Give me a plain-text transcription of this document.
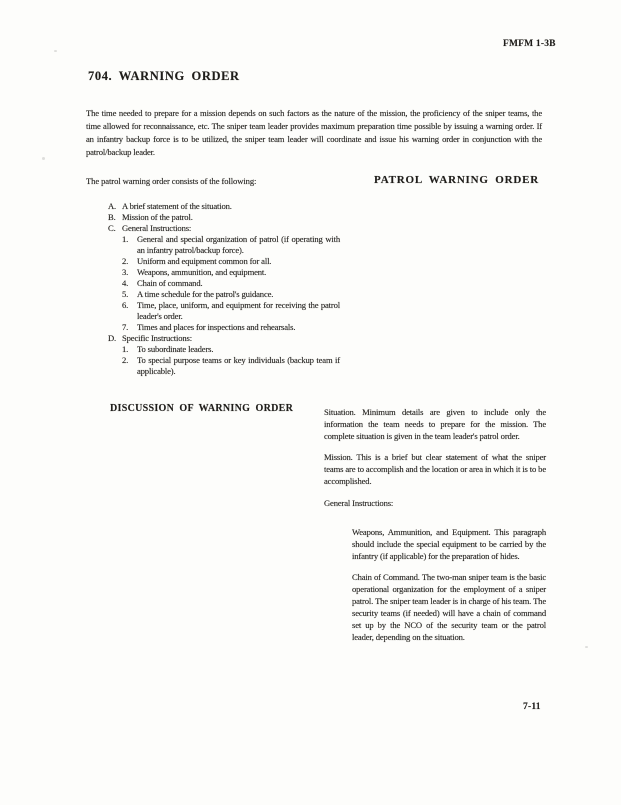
FMFM 1-3B
704. WARNING ORDER
The time needed to prepare for a mission depends on such factors as the nature of the mission, the proficiency of the sniper teams, the time allowed for reconnaissance, etc. The sniper team leader provides maximum preparation time possible by issuing a warning order. If an infantry backup force is to be utilized, the sniper team leader will coordinate and issue his warning order in conjunction with the patrol/backup leader.
The patrol warning order consists of the following:	PATROL WARNING ORDER
A. A brief statement of the situation.
B. Mission of the patrol.
C. General Instructions:
1.	General and special organization of patrol (if operating with an infantry patrol/backup force).
2.	Uniform and equipment common for all.
3.	Weapons, ammunition, and equipment.
4.	Chain of command.
5.	A time schedule for the patrol's guidance.
6.	Time, place, uniform, and equipment for receiving the patrol leader's order.
7.	Times and places for inspections and rehearsals.
D. Specific Instructions:
1.	To subordinate leaders.
2.	To special purpose teams or key individuals (backup team if applicable).
DISCUSSION OF WARNING ORDER	Situation. Minimum details are given to include only the information the team needs to prepare for the mission. The complete situation is given in the team leader's patrol order.
Mission. This is a brief but clear statement of what the sniper teams are to accomplish and the location or area in which it is to be accomplished.
General Instructions:
Weapons, Ammunition, and Equipment. This paragraph should include the special equipment to be carried by the infantry (if applicable) for the preparation of hides.
Chain of Command. The two-man sniper team is the basic operational organization for the employment of a sniper patrol. The sniper team leader is in charge of his team. The security teams (if needed) will have a chain of command set up by the NCO of the security team or the patrol leader, depending on the situation.
7-11
